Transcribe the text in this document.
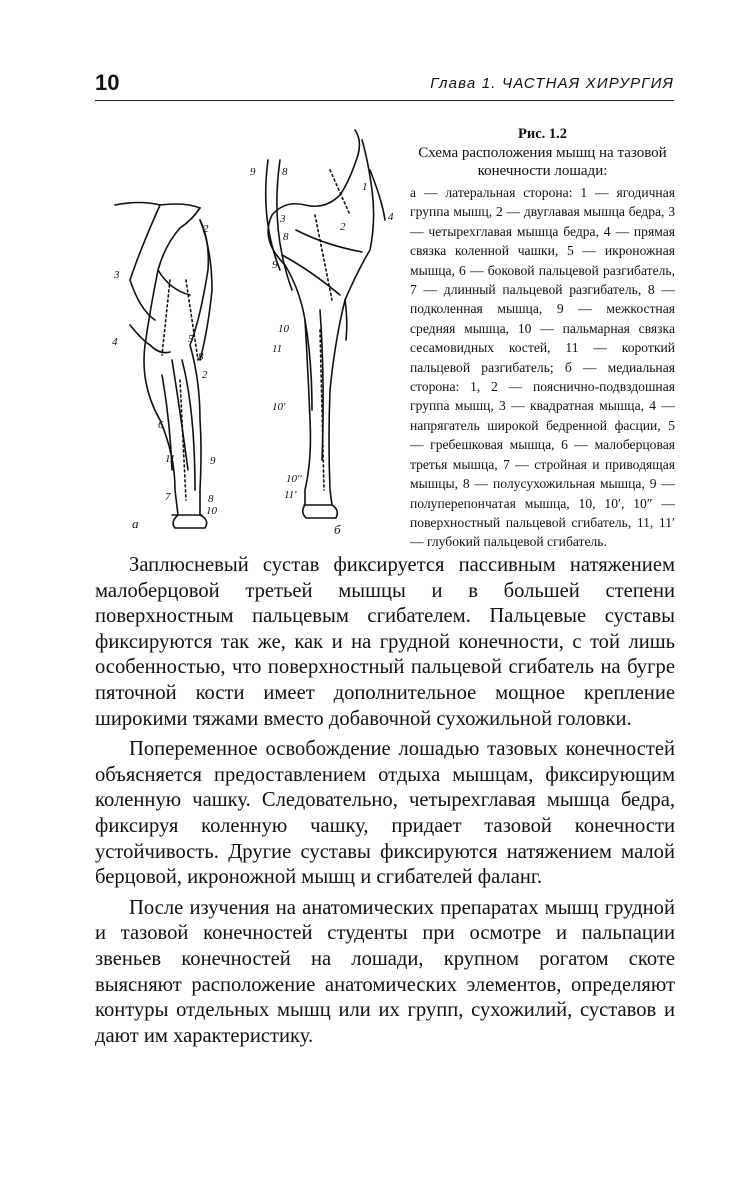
10	Глава 1. ЧАСТНАЯ ХИРУРГИЯ
2
3
4	5
8
2
6
11	9
7	8
10
9 8
1
4
3
8
2
9
10
11
10'
10''
11'
а	б
Рис. 1.2
Схема расположения мышц на тазовой конечности лошади:
а — латеральная сторона: 1 — ягодичная группа мышц, 2 — двуглавая мышца бедра, 3 — четырехглавая мышца бедра, 4 — прямая связка коленной чашки, 5 — икроножная мышца, 6 — боковой пальцевой разгибатель, 7 — длинный пальцевой разгибатель, 8 — подколенная мышца, 9 — межкостная средняя мышца, 10 — пальмарная связка сесамовидных костей, 11 — короткий пальцевой разгибатель; б — медиальная сторона: 1, 2 — пояснично-подвздошная группа мышц, 3 — квадратная мышца, 4 — напрягатель широкой бедренной фасции, 5 — гребешковая мышца, 6 — малоберцовая третья мышца, 7 — стройная и приводящая мышцы, 8 — полусухожильная мышца, 9 — полуперепончатая мышца, 10, 10′, 10″ — поверхностный пальцевой сгибатель, 11, 11′ — глубокий пальцевой сгибатель.

Заплюсневый сустав фиксируется пассивным натяжением малоберцовой третьей мышцы и в большей степени поверхностным пальцевым сгибателем. Пальцевые суставы фиксируются так же, как и на грудной конечности, с той лишь особенностью, что поверхностный пальцевой сгибатель на бугре пяточной кости имеет дополнительное мощное крепление широкими тяжами вместо добавочной сухожильной головки.

Попеременное освобождение лошадью тазовых конечностей объясняется предоставлением отдыха мышцам, фиксирующим коленную чашку. Следовательно, четырехглавая мышца бедра, фиксируя коленную чашку, придает тазовой конечности устойчивость. Другие суставы фиксируются натяжением малой берцовой, икроножной мышц и сгибателей фаланг.

После изучения на анатомических препаратах мышц грудной и тазовой конечностей студенты при осмотре и пальпации звеньев конечностей на лошади, крупном рогатом скоте выясняют расположение анатомических элементов, определяют контуры отдельных мышц или их групп, сухожилий, суставов и дают им характеристику.
